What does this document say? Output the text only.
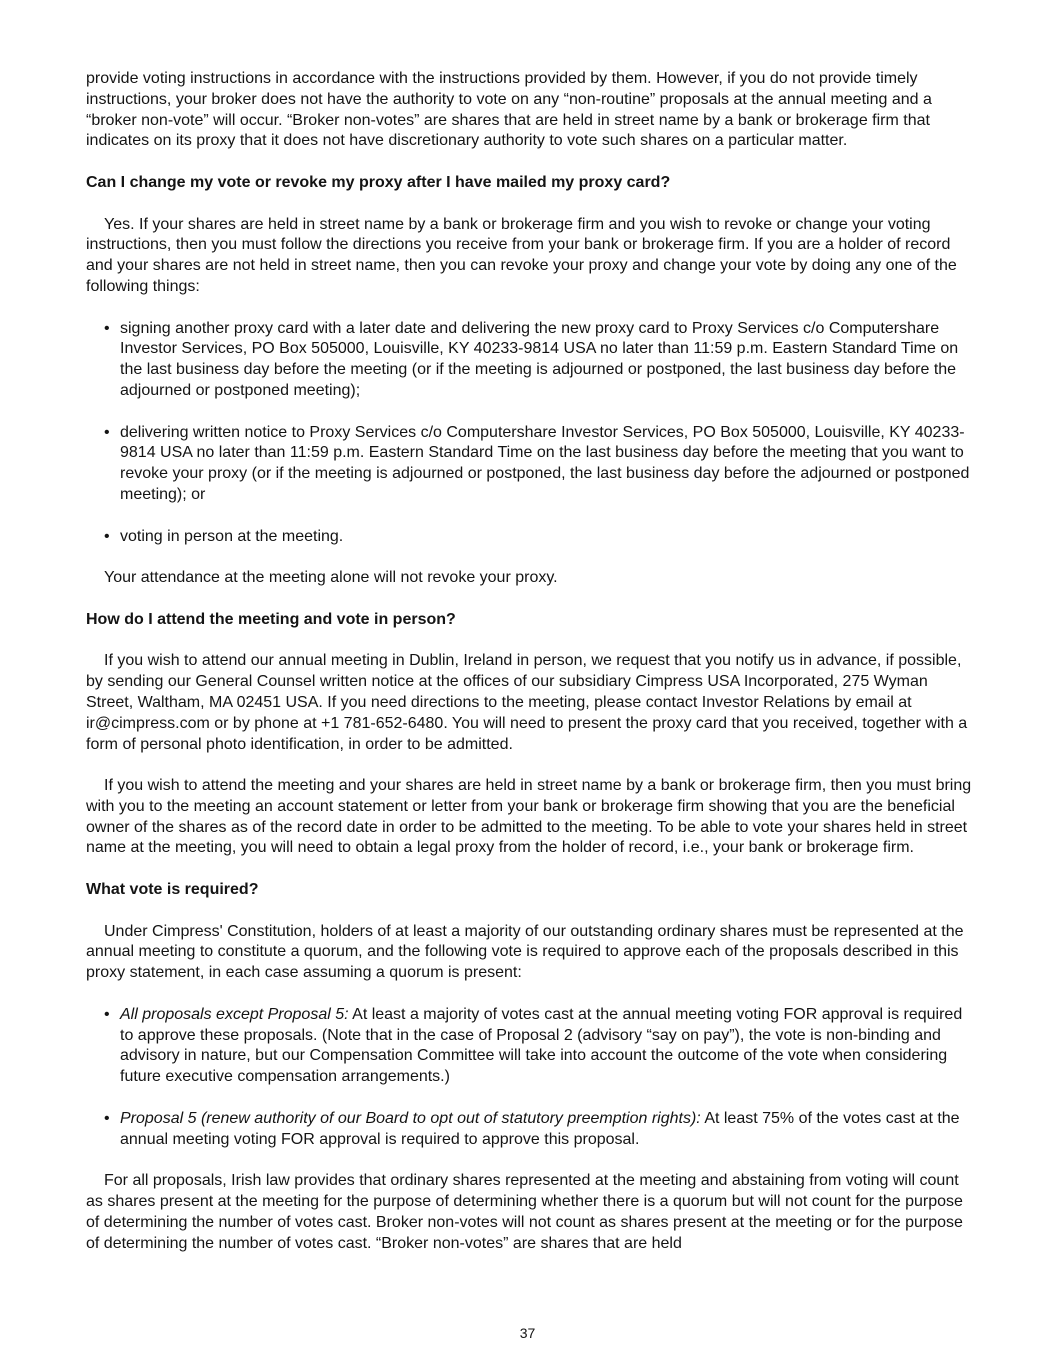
provide voting instructions in accordance with the instructions provided by them. However, if you do not provide timely instructions, your broker does not have the authority to vote on any “non-routine” proposals at the annual meeting and a “broker non-vote” will occur. “Broker non-votes” are shares that are held in street name by a bank or brokerage firm that indicates on its proxy that it does not have discretionary authority to vote such shares on a particular matter.

Can I change my vote or revoke my proxy after I have mailed my proxy card?

Yes. If your shares are held in street name by a bank or brokerage firm and you wish to revoke or change your voting instructions, then you must follow the directions you receive from your bank or brokerage firm. If you are a holder of record and your shares are not held in street name, then you can revoke your proxy and change your vote by doing any one of the following things:

• signing another proxy card with a later date and delivering the new proxy card to Proxy Services c/o Computershare Investor Services, PO Box 505000, Louisville, KY 40233-9814 USA no later than 11:59 p.m. Eastern Standard Time on the last business day before the meeting (or if the meeting is adjourned or postponed, the last business day before the adjourned or postponed meeting);
• delivering written notice to Proxy Services c/o Computershare Investor Services, PO Box 505000, Louisville, KY 40233-9814 USA no later than 11:59 p.m. Eastern Standard Time on the last business day before the meeting that you want to revoke your proxy (or if the meeting is adjourned or postponed, the last business day before the adjourned or postponed meeting); or
• voting in person at the meeting.

Your attendance at the meeting alone will not revoke your proxy.

How do I attend the meeting and vote in person?

If you wish to attend our annual meeting in Dublin, Ireland in person, we request that you notify us in advance, if possible, by sending our General Counsel written notice at the offices of our subsidiary Cimpress USA Incorporated, 275 Wyman Street, Waltham, MA 02451 USA. If you need directions to the meeting, please contact Investor Relations by email at ir@cimpress.com or by phone at +1 781-652-6480. You will need to present the proxy card that you received, together with a form of personal photo identification, in order to be admitted.

If you wish to attend the meeting and your shares are held in street name by a bank or brokerage firm, then you must bring with you to the meeting an account statement or letter from your bank or brokerage firm showing that you are the beneficial owner of the shares as of the record date in order to be admitted to the meeting. To be able to vote your shares held in street name at the meeting, you will need to obtain a legal proxy from the holder of record, i.e., your bank or brokerage firm.

What vote is required?

Under Cimpress' Constitution, holders of at least a majority of our outstanding ordinary shares must be represented at the annual meeting to constitute a quorum, and the following vote is required to approve each of the proposals described in this proxy statement, in each case assuming a quorum is present:

• All proposals except Proposal 5: At least a majority of votes cast at the annual meeting voting FOR approval is required to approve these proposals. (Note that in the case of Proposal 2 (advisory “say on pay”), the vote is non-binding and advisory in nature, but our Compensation Committee will take into account the outcome of the vote when considering future executive compensation arrangements.)
• Proposal 5 (renew authority of our Board to opt out of statutory preemption rights): At least 75% of the votes cast at the annual meeting voting FOR approval is required to approve this proposal.

For all proposals, Irish law provides that ordinary shares represented at the meeting and abstaining from voting will count as shares present at the meeting for the purpose of determining whether there is a quorum but will not count for the purpose of determining the number of votes cast. Broker non-votes will not count as shares present at the meeting or for the purpose of determining the number of votes cast. “Broker non-votes” are shares that are held

37
